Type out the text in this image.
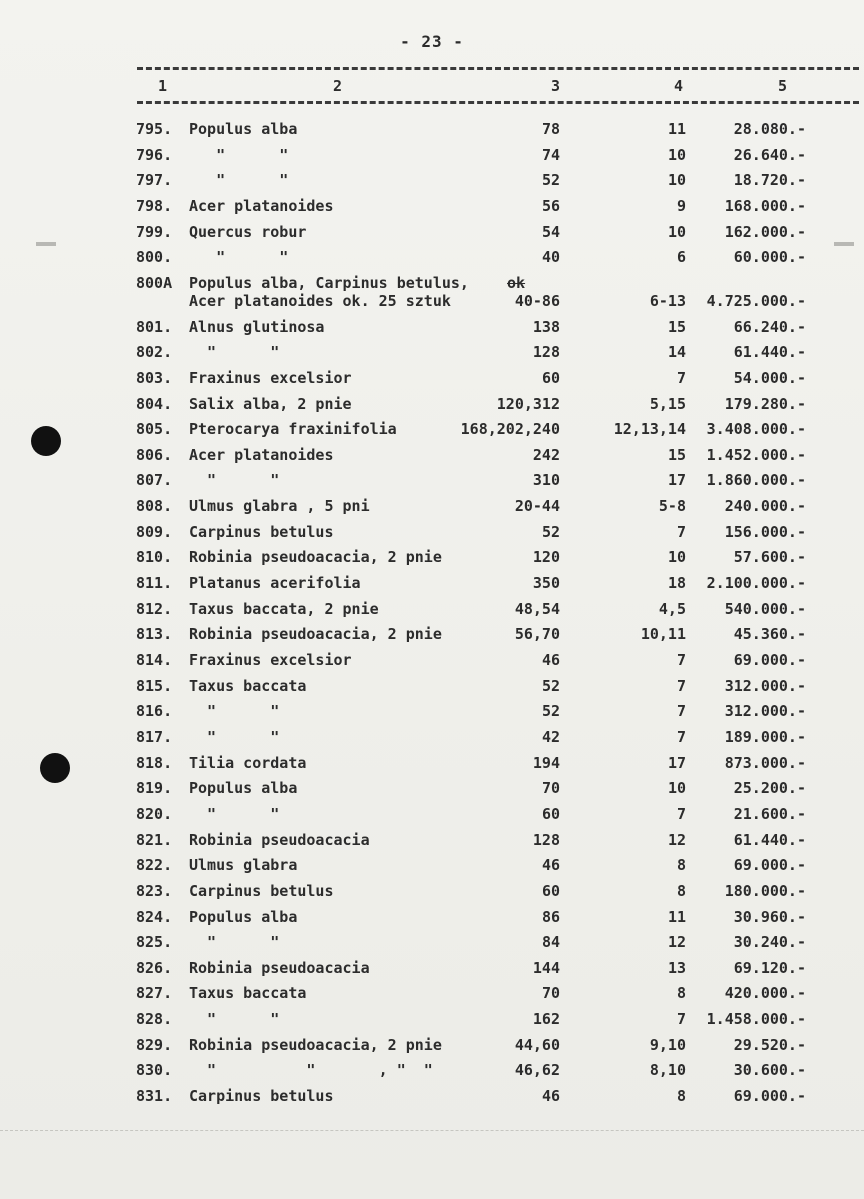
- 23 -
1	2	3	4	5
795. Populus alba	78	11	28.080.-
796. "      "	74	10	26.640.-
797. "      "	52	10	18.720.-
798. Acer platanoides	56	9	168.000.-
799. Quercus robur	54	10	162.000.-
800. "      "	40	6	60.000.-
800A Populus alba, Carpinus betulus,	ok
Acer platanoides ok. 25 sztuk	40-86	6-13 4.725.000.-
801. Alnus glutinosa	138	15	66.240.-
802. "      "	128	14	61.440.-
803. Fraxinus excelsior	60	7	54.000.-
804. Salix alba, 2 pnie	120,312	5,15	179.280.-
805. Pterocarya fraxinifolia	168,202,240	12,13,14 3.408.000.-
806. Acer platanoides	242	15 1.452.000.-
807. "      "	310	17 1.860.000.-
808. Ulmus glabra , 5 pni	20-44	5-8	240.000.-
809. Carpinus betulus	52	7	156.000.-
810. Robinia pseudoacacia, 2 pnie	120	10	57.600.-
811. Platanus acerifolia	350	18 2.100.000.-
812. Taxus baccata, 2 pnie	48,54	4,5	540.000.-
813. Robinia pseudoacacia, 2 pnie	56,70	10,11	45.360.-
814. Fraxinus excelsior	46	7	69.000.-
815. Taxus baccata	52	7	312.000.-
816. "      "	52	7	312.000.-
817. "      "	42	7	189.000.-
818. Tilia cordata	194	17	873.000.-
819. Populus alba	70	10	25.200.-
820. "      "	60	7	21.600.-
821. Robinia pseudoacacia	128	12	61.440.-
822. Ulmus glabra	46	8	69.000.-
823. Carpinus betulus	60	8	180.000.-
824. Populus alba	86	11	30.960.-
825. "      "	84	12	30.240.-
826. Robinia pseudoacacia	144	13	69.120.-
827. Taxus baccata	70	8	420.000.-
828. "      "	162	7 1.458.000.-
829. Robinia pseudoacacia, 2 pnie	44,60	9,10	29.520.-
830. "          "       , "  "	46,62	8,10	30.600.-
831. Carpinus betulus	46	8	69.000.-
